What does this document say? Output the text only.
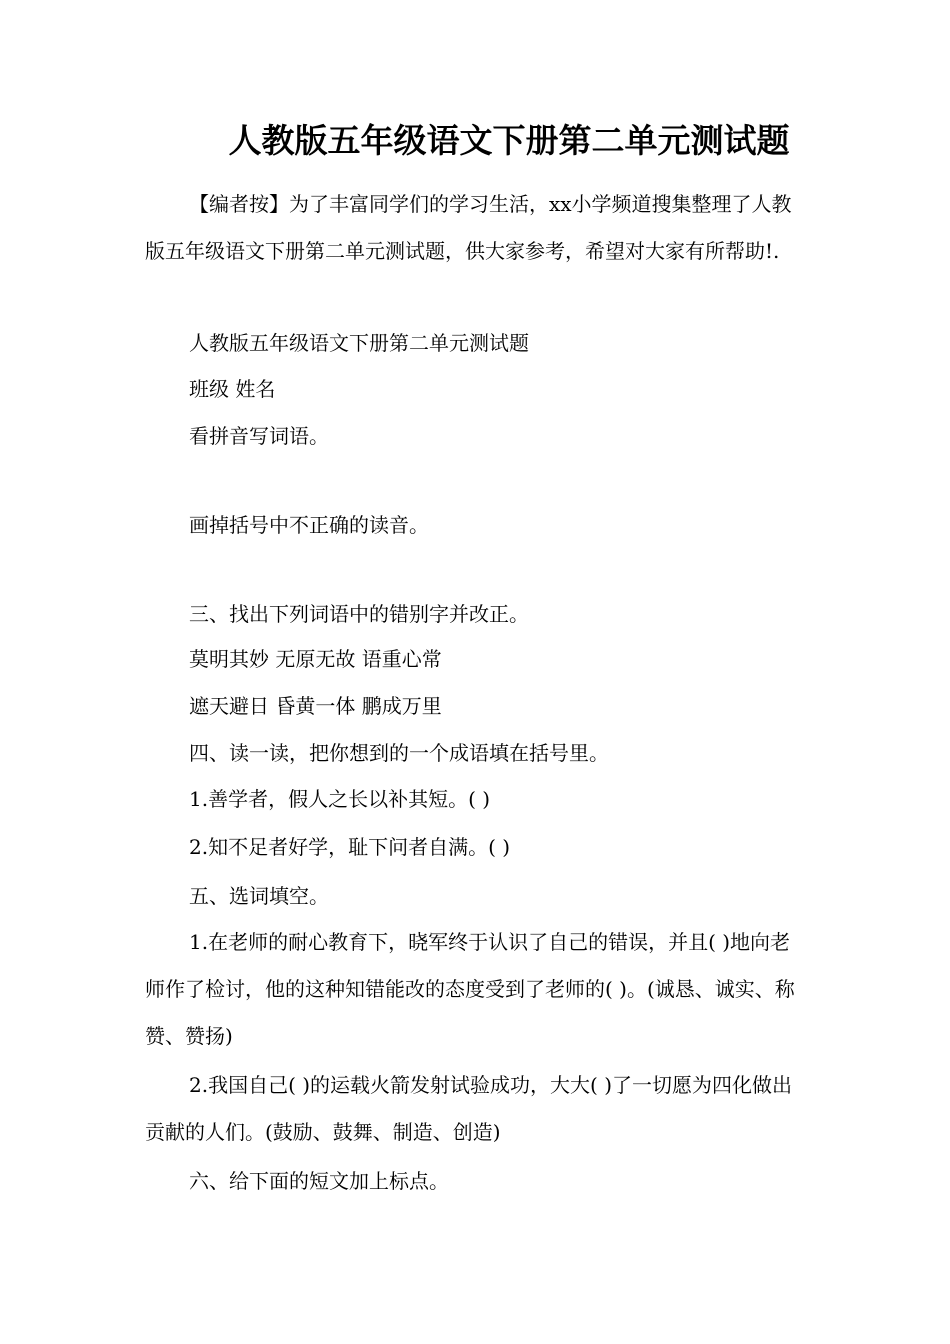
人教版五年级语文下册第二单元测试题
【编者按】为了丰富同学们的学习生活，xx小学频道搜集整理了人教版五年级语文下册第二单元测试题，供大家参考，希望对大家有所帮助!.
人教版五年级语文下册第二单元测试题
班级 姓名
看拼音写词语。
画掉括号中不正确的读音。
三、找出下列词语中的错别字并改正。
莫明其妙 无原无故 语重心常
遮天避日 昏黄一体 鹏成万里
四、读一读，把你想到的一个成语填在括号里。
1.善学者，假人之长以补其短。( )
2.知不足者好学，耻下问者自满。( )
五、选词填空。
1.在老师的耐心教育下，晓军终于认识了自己的错误，并且( )地向老师作了检讨，他的这种知错能改的态度受到了老师的( )。(诚恳、诚实、称赞、赞扬)
2.我国自己( )的运载火箭发射试验成功，大大( )了一切愿为四化做出贡献的人们。(鼓励、鼓舞、制造、创造)
六、给下面的短文加上标点。
